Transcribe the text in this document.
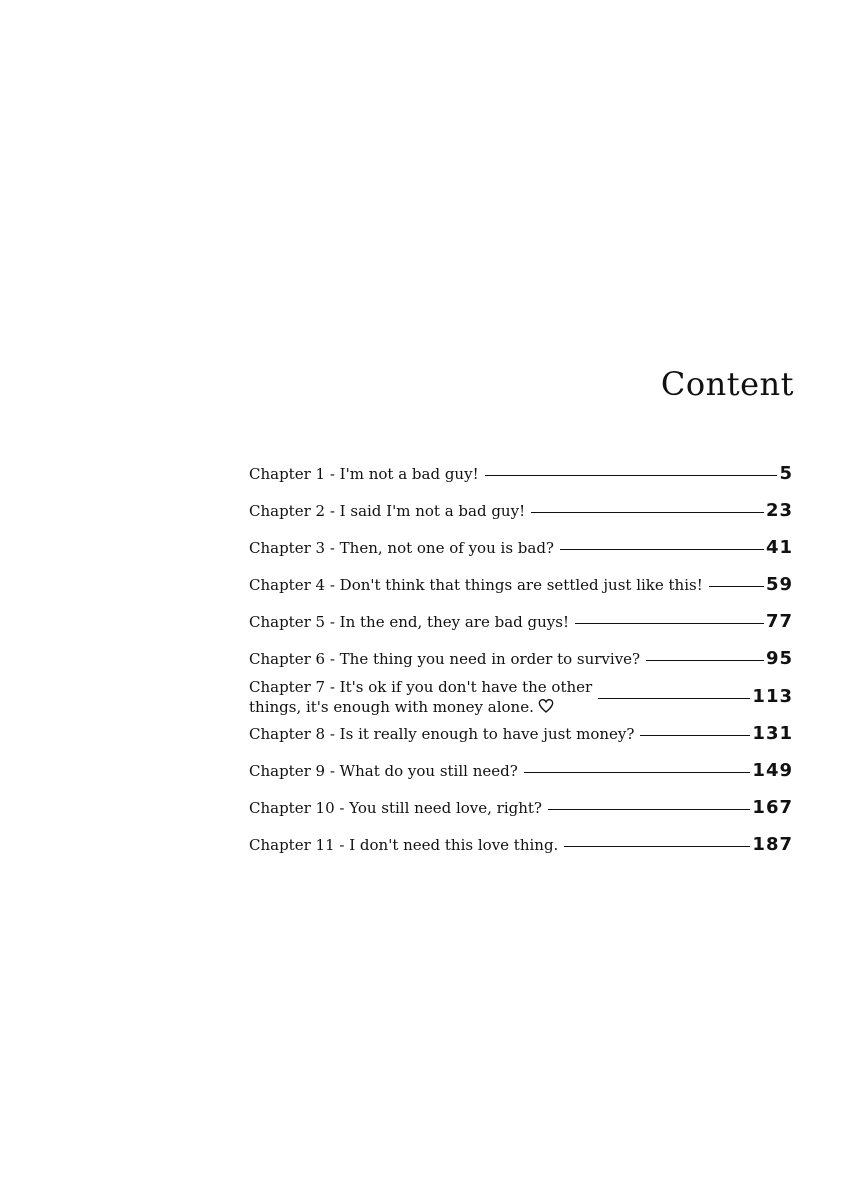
Content
Chapter 1 - I'm not a bad guy!	5
Chapter 2 - I said I'm not a bad guy!	23
Chapter 3 - Then, not one of you is bad?	41
Chapter 4 - Don't think that things are settled just like this!	59
Chapter 5 - In the end, they are bad guys!	77
Chapter 6 - The thing you need in order to survive?	95
Chapter 7 - It's ok if you don't have the other
things, it's enough with money alone.	113
Chapter 8 - Is it really enough to have just money?	131
Chapter 9 - What do you still need?	149
Chapter 10 - You still need love, right?	167
Chapter 11 - I don't need this love thing.	187
